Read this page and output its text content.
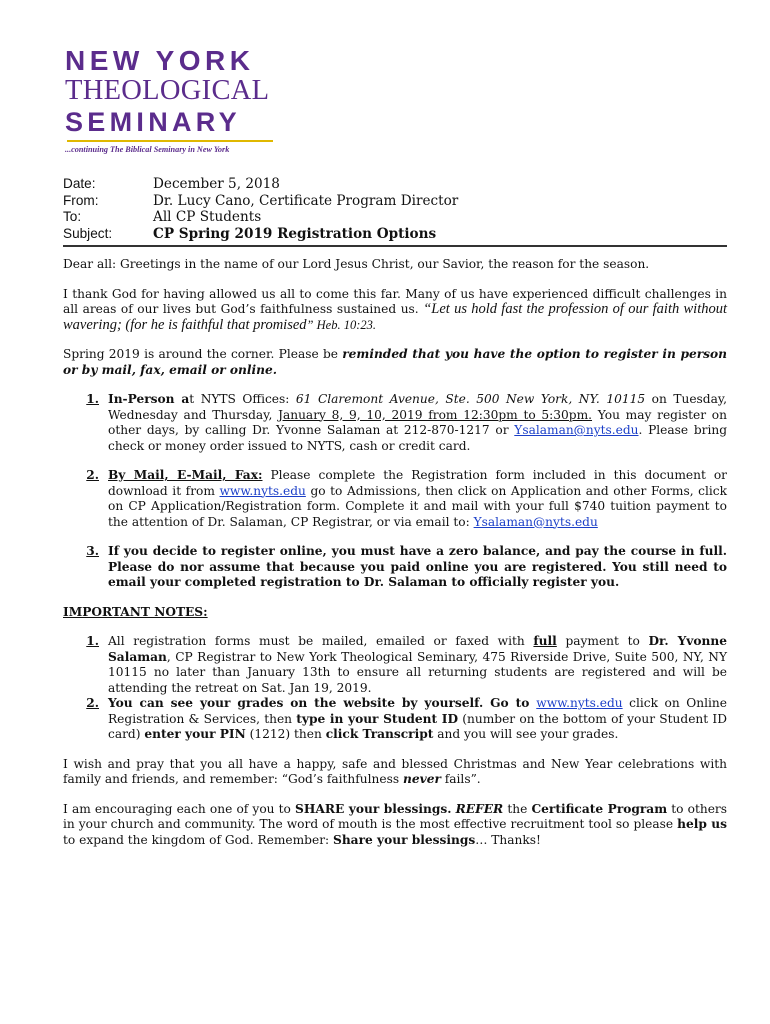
NEW YORK
THEOLOGICAL
SEMINARY
...continuing The Biblical Seminary in New York
Date:	December 5, 2018
From:	Dr. Lucy Cano, Certificate Program Director
To:	All CP Students
Subject:	CP Spring 2019 Registration Options

Dear all: Greetings in the name of our Lord Jesus Christ, our Savior, the reason for the season.

I thank God for having allowed us all to come this far. Many of us have experienced difficult challenges in all areas of our lives but God’s faithfulness sustained us. “Let us hold fast the profession of our faith without wavering; (for he is faithful that promised” Heb. 10:23.

Spring 2019 is around the corner. Please be reminded that you have the option to register in person or by mail, fax, email or online.

1. In-Person at NYTS Offices: 61 Claremont Avenue, Ste. 500 New York, NY. 10115 on Tuesday, Wednesday and Thursday, January 8, 9, 10, 2019 from 12:30pm to 5:30pm. You may register on other days, by calling Dr. Yvonne Salaman at 212-870-1217 or Ysalaman@nyts.edu. Please bring check or money order issued to NYTS, cash or credit card.
2. By Mail, E-Mail, Fax: Please complete the Registration form included in this document or download it from www.nyts.edu go to Admissions, then click on Application and other Forms, click on CP Application/Registration form. Complete it and mail with your full $740 tuition payment to the attention of Dr. Salaman, CP Registrar, or via email to: Ysalaman@nyts.edu
3. If you decide to register online, you must have a zero balance, and pay the course in full. Please do nor assume that because you paid online you are registered. You still need to email your completed registration to Dr. Salaman to officially register you.
IMPORTANT NOTES:
1. All registration forms must be mailed, emailed or faxed with full payment to Dr. Yvonne Salaman, CP Registrar to New York Theological Seminary, 475 Riverside Drive, Suite 500, NY, NY 10115 no later than January 13th to ensure all returning students are registered and will be attending the retreat on Sat. Jan 19, 2019.
2. You can see your grades on the website by yourself. Go to www.nyts.edu click on Online Registration & Services, then type in your Student ID (number on the bottom of your Student ID card) enter your PIN (1212) then click Transcript and you will see your grades.

I wish and pray that you all have a happy, safe and blessed Christmas and New Year celebrations with family and friends, and remember: “God’s faithfulness never fails”.

I am encouraging each one of you to SHARE your blessings. REFER the Certificate Program to others in your church and community. The word of mouth is the most effective recruitment tool so please help us to expand the kingdom of God. Remember: Share your blessings… Thanks!
